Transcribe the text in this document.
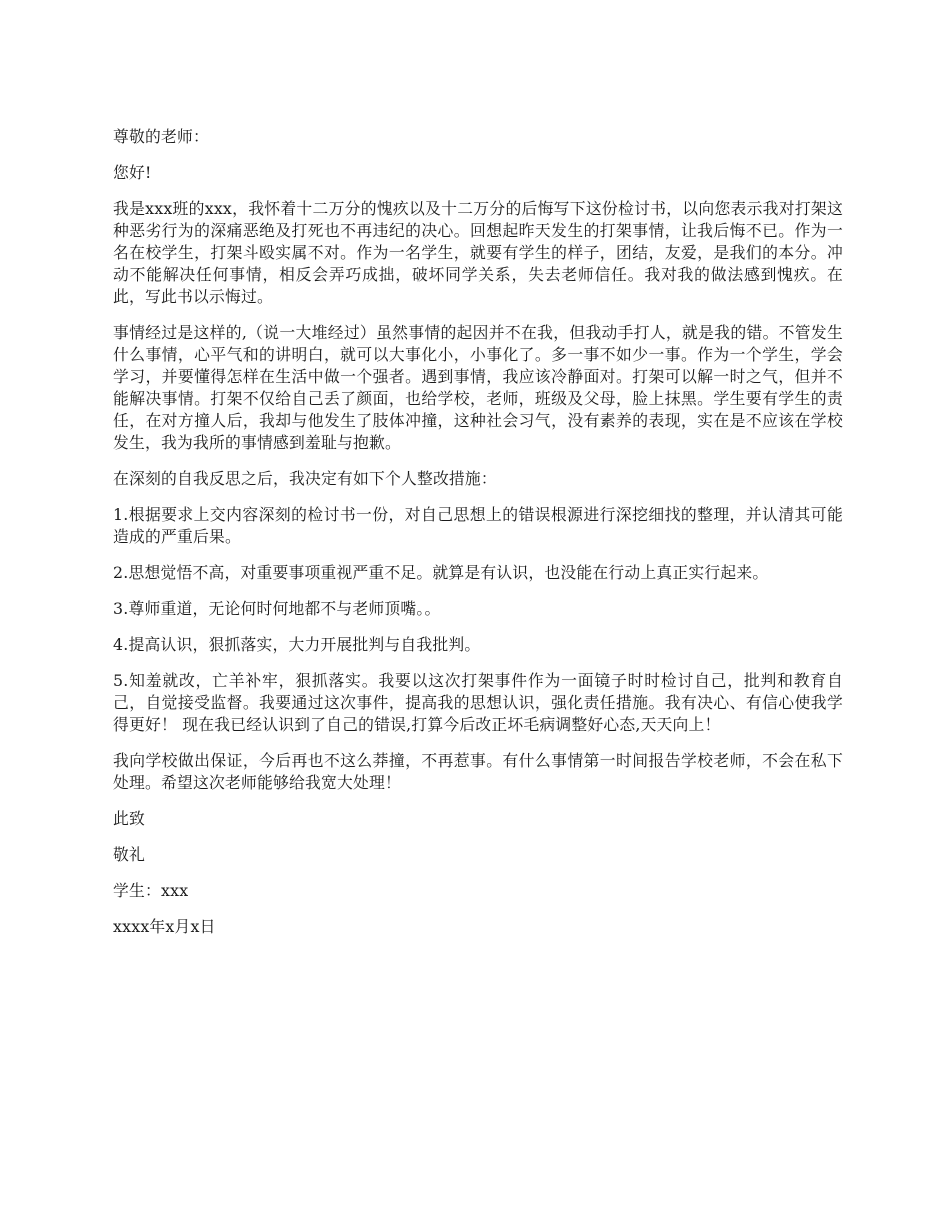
尊敬的老师：

您好!

我是xxx班的xxx，我怀着十二万分的愧疚以及十二万分的后悔写下这份检讨书，以向您表示我对打架这种恶劣行为的深痛恶绝及打死也不再违纪的决心。回想起昨天发生的打架事情，让我后悔不已。作为一名在校学生，打架斗殴实属不对。作为一名学生，就要有学生的样子，团结，友爱，是我们的本分。冲动不能解决任何事情，相反会弄巧成拙，破坏同学关系，失去老师信任。我对我的做法感到愧疚。在此，写此书以示悔过。

事情经过是这样的,（说一大堆经过）虽然事情的起因并不在我，但我动手打人，就是我的错。不管发生什么事情，心平气和的讲明白，就可以大事化小，小事化了。多一事不如少一事。作为一个学生，学会学习，并要懂得怎样在生活中做一个强者。遇到事情，我应该冷静面对。打架可以解一时之气，但并不能解决事情。打架不仅给自己丢了颜面，也给学校，老师，班级及父母，脸上抹黑。学生要有学生的责任，在对方撞人后，我却与他发生了肢体冲撞，这种社会习气，没有素养的表现，实在是不应该在学校发生，我为我所的事情感到羞耻与抱歉。

在深刻的自我反思之后，我决定有如下个人整改措施：

1.根据要求上交内容深刻的检讨书一份，对自己思想上的错误根源进行深挖细找的整理，并认清其可能造成的严重后果。

2.思想觉悟不高，对重要事项重视严重不足。就算是有认识，也没能在行动上真正实行起来。

3.尊师重道，无论何时何地都不与老师顶嘴。。

4.提高认识，狠抓落实，大力开展批判与自我批判。

5.知羞就改，亡羊补牢，狠抓落实。我要以这次打架事件作为一面镜子时时检讨自己，批判和教育自己，自觉接受监督。我要通过这次事件，提高我的思想认识，强化责任措施。我有决心、有信心使我学得更好！ 现在我已经认识到了自己的错误,打算今后改正坏毛病调整好心态,天天向上！

我向学校做出保证，今后再也不这么莽撞，不再惹事。有什么事情第一时间报告学校老师，不会在私下处理。希望这次老师能够给我宽大处理！

此致

敬礼

学生：xxx

xxxx年x月x日
